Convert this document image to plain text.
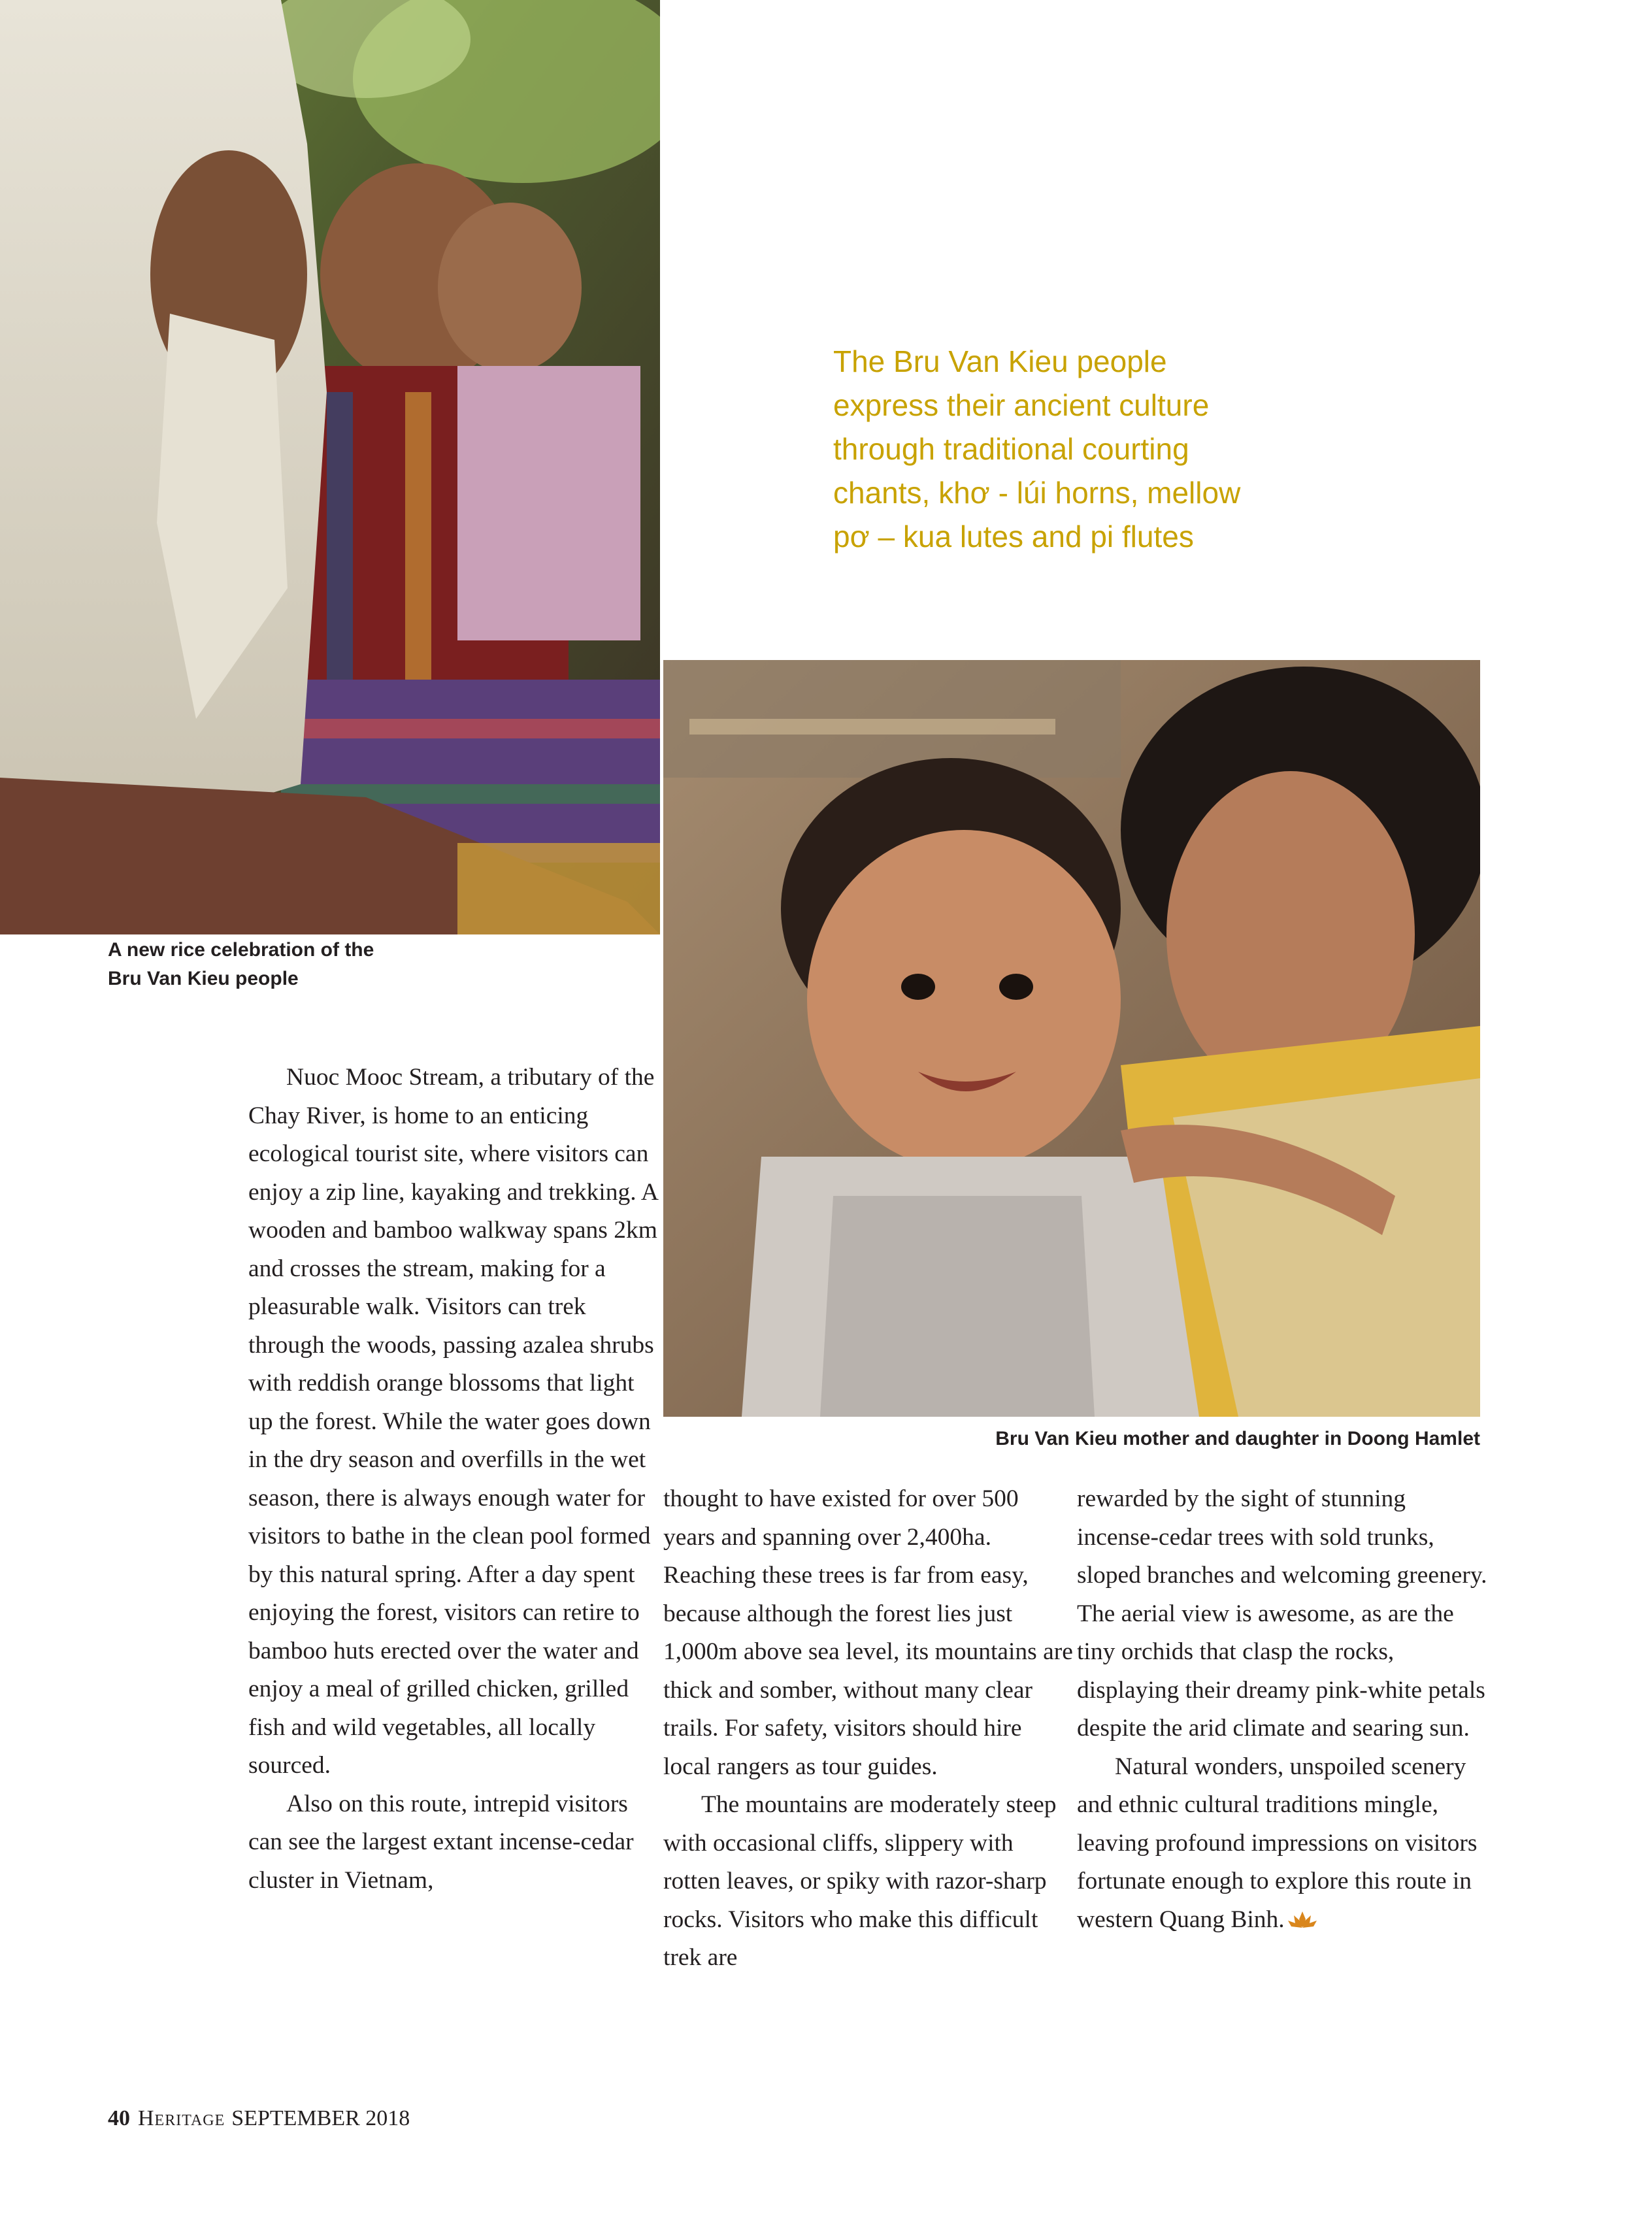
The Bru Van Kieu people
express their ancient culture
through traditional courting
chants, khơ - lúi horns, mellow
pơ – kua lutes and pi flutes
A new rice celebration of the
Bru Van Kieu people
Bru Van Kieu mother and daughter in Doong Hamlet

Nuoc Mooc Stream, a tributary of the Chay River, is home to an enticing ecological tourist site, where visitors can enjoy a zip line, kayaking and trekking. A wooden and bamboo walkway spans 2km and crosses the stream, making for a pleasurable walk. Visitors can trek through the woods, passing azalea shrubs with reddish orange blossoms that light up the forest. While the water goes down in the dry season and overfills in the wet season, there is always enough water for visitors to bathe in the clean pool formed by this natural spring. After a day spent enjoying the forest, visitors can retire to bamboo huts erected over the water and enjoy a meal of grilled chicken, grilled fish and wild vegetables, all locally sourced.

Also on this route, intrepid visitors can see the largest extant incense-cedar cluster in Vietnam,

thought to have existed for over 500 years and spanning over 2,400ha. Reaching these trees is far from easy, because although the forest lies just 1,000m above sea level, its mountains are thick and somber, without many clear trails. For safety, visitors should hire local rangers as tour guides.

The mountains are moderately steep with occasional cliffs, slippery with rotten leaves, or spiky with razor-sharp rocks. Visitors who make this difficult trek are

rewarded by the sight of stunning incense-cedar trees with sold trunks, sloped branches and welcoming greenery. The aerial view is awesome, as are the tiny orchids that clasp the rocks, displaying their dreamy pink-white petals despite the arid climate and searing sun.

Natural wonders, unspoiled scenery and ethnic cultural traditions mingle, leaving profound impressions on visitors fortunate enough to explore this route in western Quang Binh.

40 Heritage SEPTEMBER 2018
